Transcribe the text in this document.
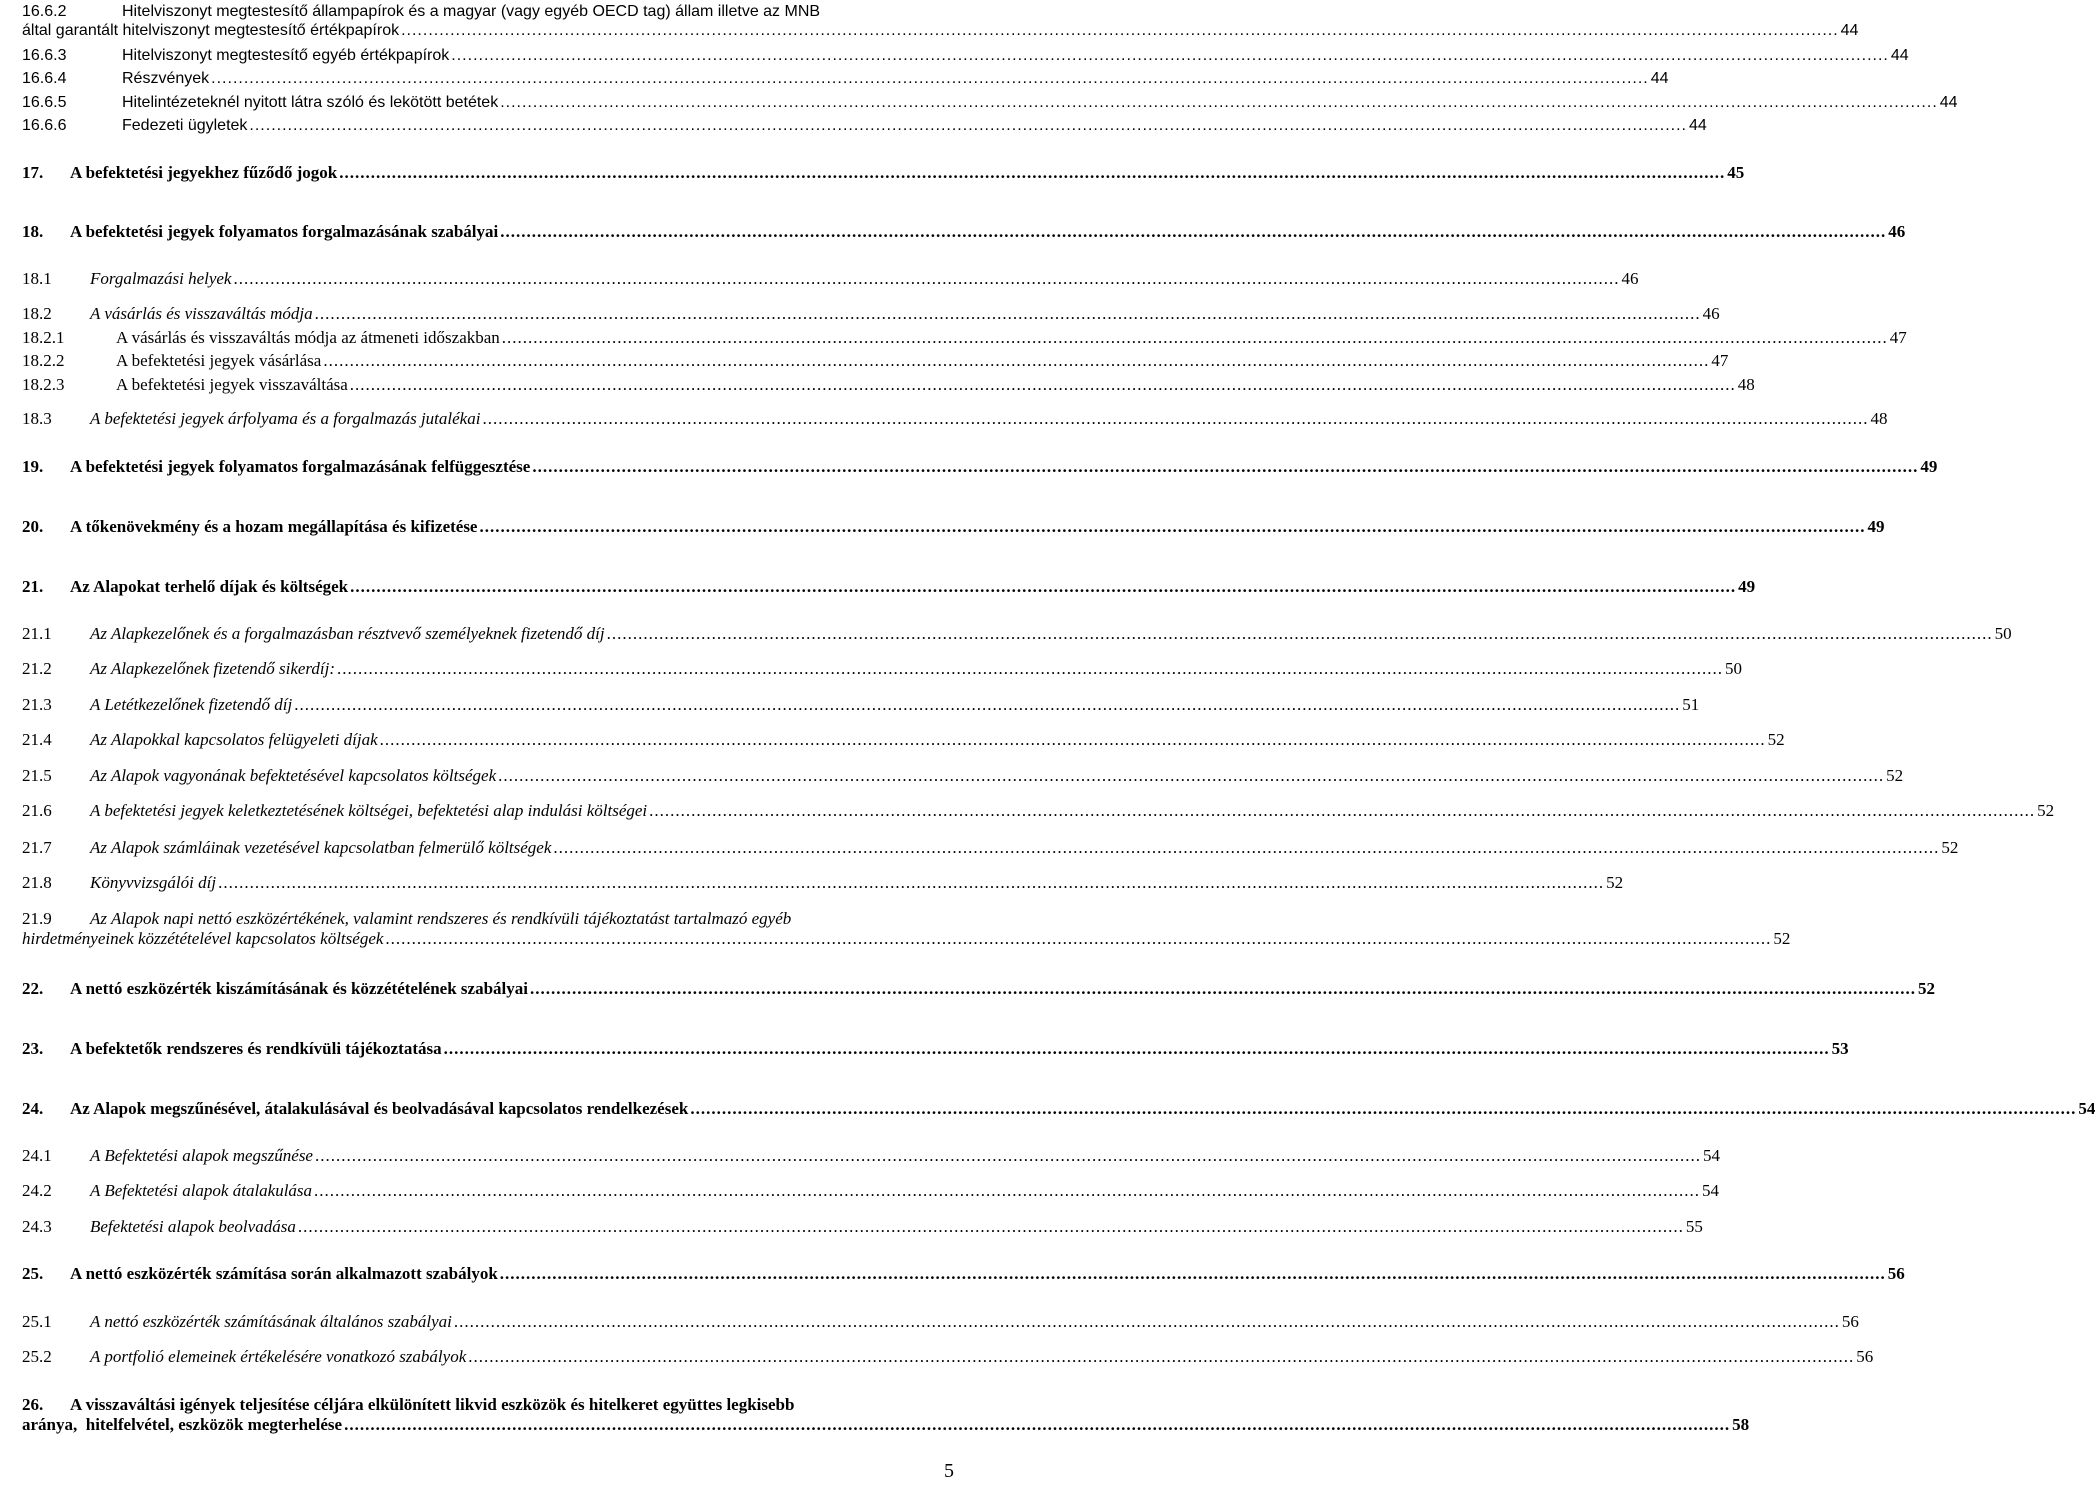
16.6.2	Hitelviszonyt megtestesítő állampapírok és a magyar (vagy egyéb OECD tag) állam illetve az MNB
által garantált hitelviszonyt megtestesítő értékpapírok .....	44
16.6.3	Hitelviszonyt megtestesítő egyéb értékpapírok .....	44
16.6.4	Részvények .....	44
16.6.5	Hitelintézeteknél nyitott látra szóló és lekötött betétek .....	44
16.6.6	Fedezeti ügyletek .....	44
17.	A befektetési jegyekhez fűződő jogok .....	45
18.	A befektetési jegyek folyamatos forgalmazásának szabályai .....	46
18.1	Forgalmazási helyek .....	46
18.2	A vásárlás és visszaváltás módja .....	46
18.2.1	A vásárlás és visszaváltás módja az átmeneti időszakban .....	47
18.2.2	A befektetési jegyek vásárlása .....	47
18.2.3	A befektetési jegyek visszaváltása .....	48
18.3	A befektetési jegyek árfolyama és a forgalmazás jutalékai .....	48
19.	A befektetési jegyek folyamatos forgalmazásának felfüggesztése .....	49
20.	A tőkenövekmény és a hozam megállapítása és kifizetése .....	49
21.	Az Alapokat terhelő díjak és költségek .....	49
21.1	Az Alapkezelőnek és a forgalmazásban résztvevő személyeknek fizetendő díj .....	50
21.2	Az Alapkezelőnek fizetendő sikerdíj: .....	50
21.3	A Letétkezelőnek fizetendő díj .....	51
21.4	Az Alapokkal kapcsolatos felügyeleti díjak .....	52
21.5	Az Alapok vagyonának befektetésével kapcsolatos költségek .....	52
21.6	A befektetési jegyek keletkeztetésének költségei, befektetési alap indulási költségei .....	52
21.7	Az Alapok számláinak vezetésével kapcsolatban felmerülő költségek .....	52
21.8	Könyvvizsgálói díj .....	52
21.9	Az Alapok napi nettó eszközértékének, valamint rendszeres és rendkívüli tájékoztatást tartalmazó egyéb
hirdetményeinek közzétételével kapcsolatos költségek .....	52
22.	A nettó eszközérték kiszámításának és közzétételének szabályai .....	52
23.	A befektetők rendszeres és rendkívüli tájékoztatása .....	53
24.	Az Alapok megszűnésével, átalakulásával és beolvadásával kapcsolatos rendelkezések .....	54
24.1	A Befektetési alapok megszűnése .....	54
24.2	A Befektetési alapok átalakulása .....	54
24.3	Befektetési alapok beolvadása .....	55
25.	A nettó eszközérték számítása során alkalmazott szabályok .....	56
25.1	A nettó eszközérték számításának általános szabályai .....	56
25.2	A portfolió elemeinek értékelésére vonatkozó szabályok .....	56
26.	A visszaváltási igények teljesítése céljára elkülönített likvid eszközök és hitelkeret együttes legkisebb
aránya,  hitelfelvétel, eszközök megterhelése .....	58
5
